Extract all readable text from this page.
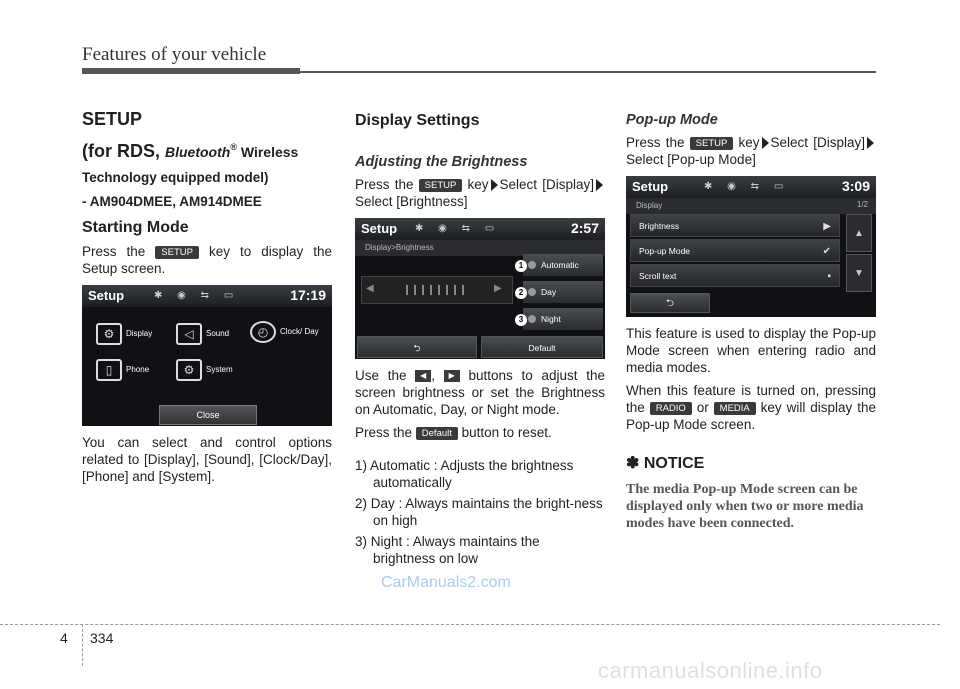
Features of your vehicle
SETUP
(for RDS, Bluetooth® Wireless
Technology equipped model)
- AM904DMEE, AM914DMEE
Starting Mode
Press the SETUP key to display the Setup screen.
Setup	✱ ◉ ⇆ ▭	17:19
⚙ Display	◁ Sound	◴ Clock/ Day
▯ Phone	⚙ System
Close
You can select and control options related to [Display], [Sound], [Clock/Day], [Phone] and [System].
Display Settings
Adjusting the Brightness
Press the SETUP key Select [Display]Select [Brightness]
Setup ✱ ◉ ⇆ ▭	2:57
Display>Brightness
◀	▶
Automatic
Day
Night
1
2
3
⮌	Default
Use the ◀ , ▶ buttons to adjust the screen brightness or set the Brightness on Automatic, Day, or Night mode.
Press the Default button to reset.
1) Automatic : Adjusts the brightness automatically
2) Day : Always maintains the bright-ness on high
3) Night : Always maintains the brightness on low
Pop-up Mode
Press the SETUP key Select [Display]Select [Pop-up Mode]
Setup	✱ ◉ ⇆ ▭	3:09
Display	1/2
Brightness	▶
Pop-up Mode	✔
Scroll text	▪
▲
▼
⮌
This feature is used to display the Pop-up Mode screen when entering radio and media modes.
When this feature is turned on, pressing the RADIO or MEDIA key will display the Pop-up Mode screen.
✽ NOTICE
The media Pop-up Mode screen can be displayed only when two or more media modes have been connected.
4 334
CarManuals2.com
carmanualsonline.info
